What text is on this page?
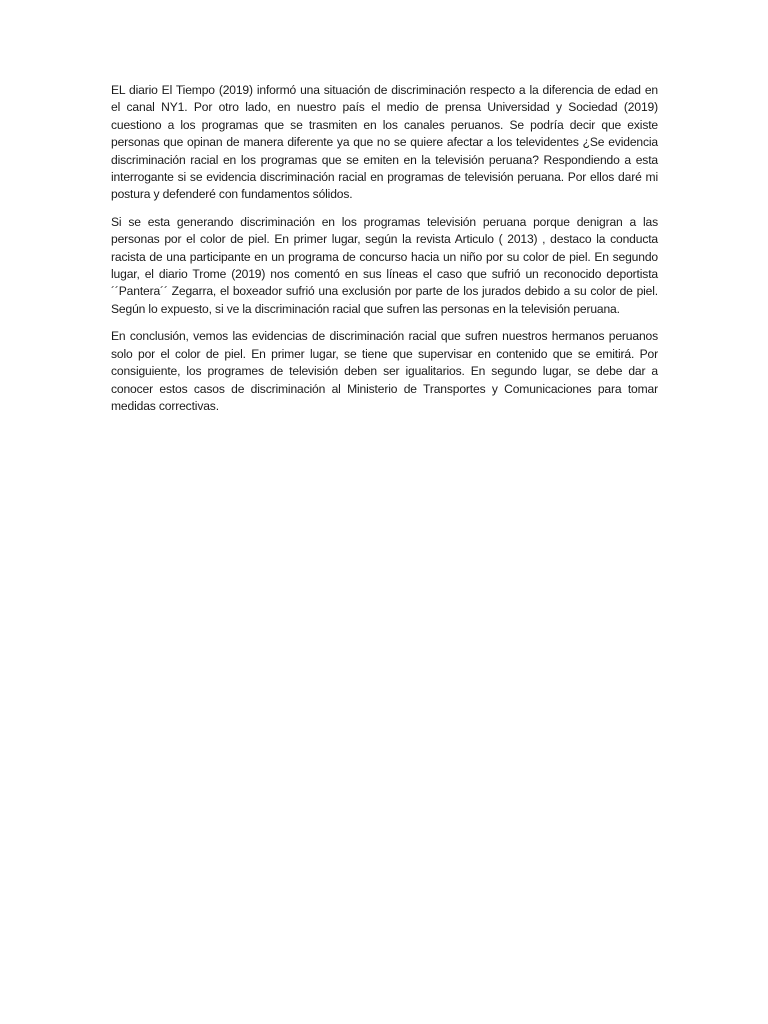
EL diario El Tiempo (2019) informó una situación de discriminación respecto a la diferencia de edad en el canal NY1. Por otro lado, en nuestro país el medio de prensa Universidad y Sociedad (2019) cuestiono a los programas que se trasmiten en los canales peruanos. Se podría decir que existe personas que opinan de manera diferente ya que no se quiere afectar a los televidentes ¿Se evidencia discriminación racial en los programas que se emiten en la televisión peruana? Respondiendo a esta interrogante si se evidencia discriminación racial en programas de televisión peruana. Por ellos daré mi postura y defenderé con fundamentos sólidos.

Si se esta generando discriminación en los programas televisión peruana porque denigran a las personas por el color de piel. En primer lugar, según la revista Articulo ( 2013) , destaco la conducta racista de una participante en un programa de concurso hacia un niño por su color de piel. En segundo lugar, el diario Trome (2019) nos comentó en sus líneas el caso que sufrió un reconocido deportista ´´Pantera´´ Zegarra, el boxeador sufrió una exclusión por parte de los jurados debido a su color de piel. Según lo expuesto, si ve la discriminación racial que sufren las personas en la televisión peruana.

En conclusión, vemos las evidencias de discriminación racial que sufren nuestros hermanos peruanos solo por el color de piel. En primer lugar, se tiene que supervisar en contenido que se emitirá. Por consiguiente, los programes de televisión deben ser igualitarios. En segundo lugar, se debe dar a conocer estos casos de discriminación al Ministerio de Transportes y Comunicaciones para tomar medidas correctivas.
